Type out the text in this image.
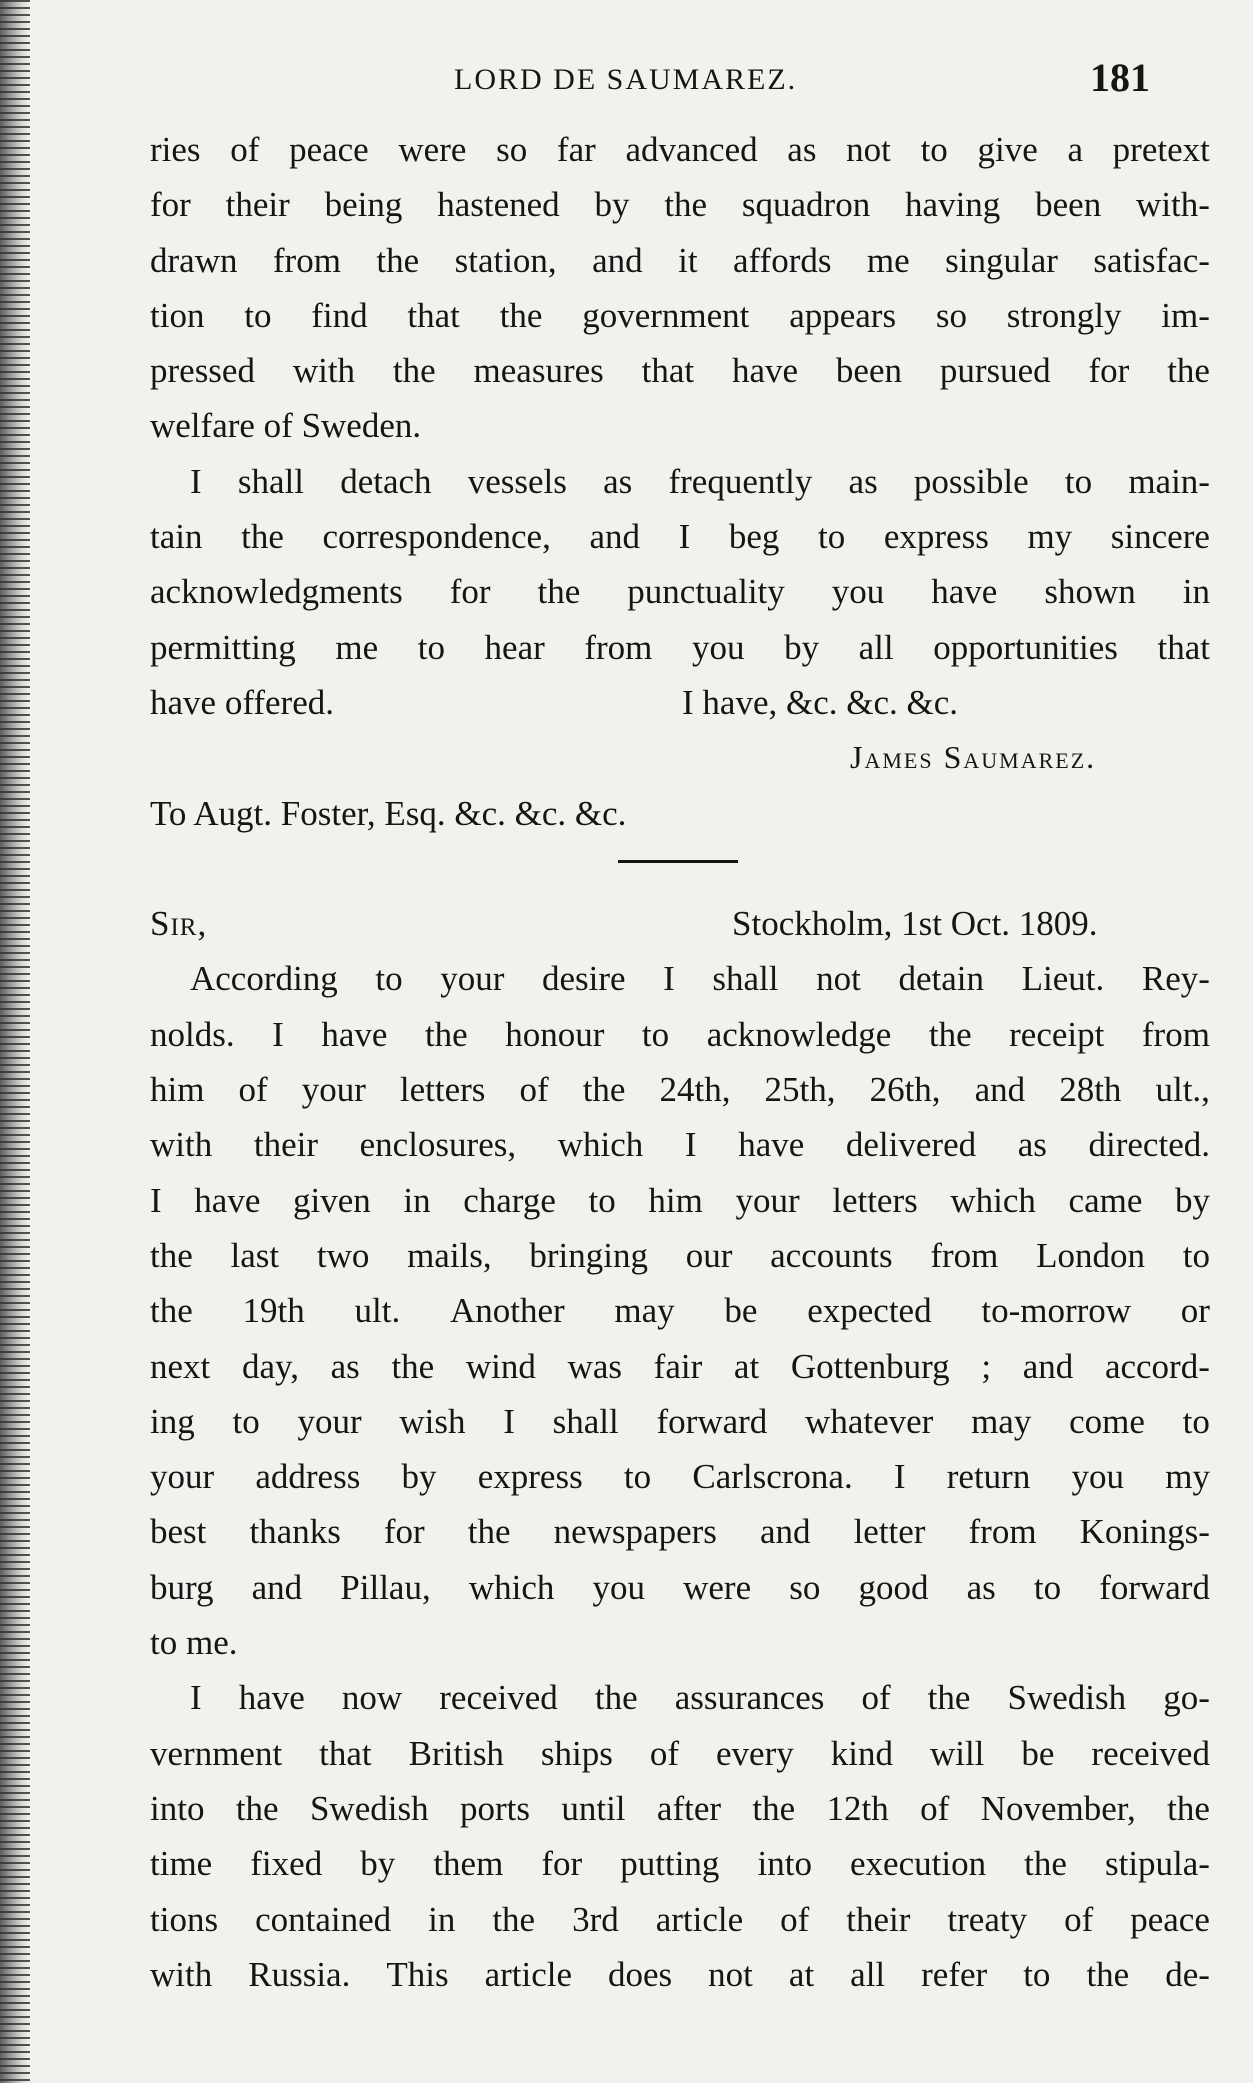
LORD DE SAUMAREZ.	181
ries of peace were so far advanced as not to give a pretext
for their being hastened by the squadron having been with-
drawn from the station, and it affords me singular satisfac-
tion to find that the government appears so strongly im-
pressed with the measures that have been pursued for the
welfare of Sweden.
I shall detach vessels as frequently as possible to main-
tain the correspondence, and I beg to express my sincere
acknowledgments for the punctuality you have shown in
permitting me to hear from you by all opportunities that
have offered.	I have, &c. &c. &c.
James Saumarez.
To Augt. Foster, Esq. &c. &c. &c.
Sir,	Stockholm, 1st Oct. 1809.
According to your desire I shall not detain Lieut. Rey-
nolds. I have the honour to acknowledge the receipt from
him of your letters of the 24th, 25th, 26th, and 28th ult.,
with their enclosures, which I have delivered as directed.
I have given in charge to him your letters which came by
the last two mails, bringing our accounts from London to
the 19th ult. Another may be expected to-morrow or
next day, as the wind was fair at Gottenburg ; and accord-
ing to your wish I shall forward whatever may come to
your address by express to Carlscrona. I return you my
best thanks for the newspapers and letter from Konings-
burg and Pillau, which you were so good as to forward
to me.
I have now received the assurances of the Swedish go-
vernment that British ships of every kind will be received
into the Swedish ports until after the 12th of November, the
time fixed by them for putting into execution the stipula-
tions contained in the 3rd article of their treaty of peace
with Russia. This article does not at all refer to the de-
